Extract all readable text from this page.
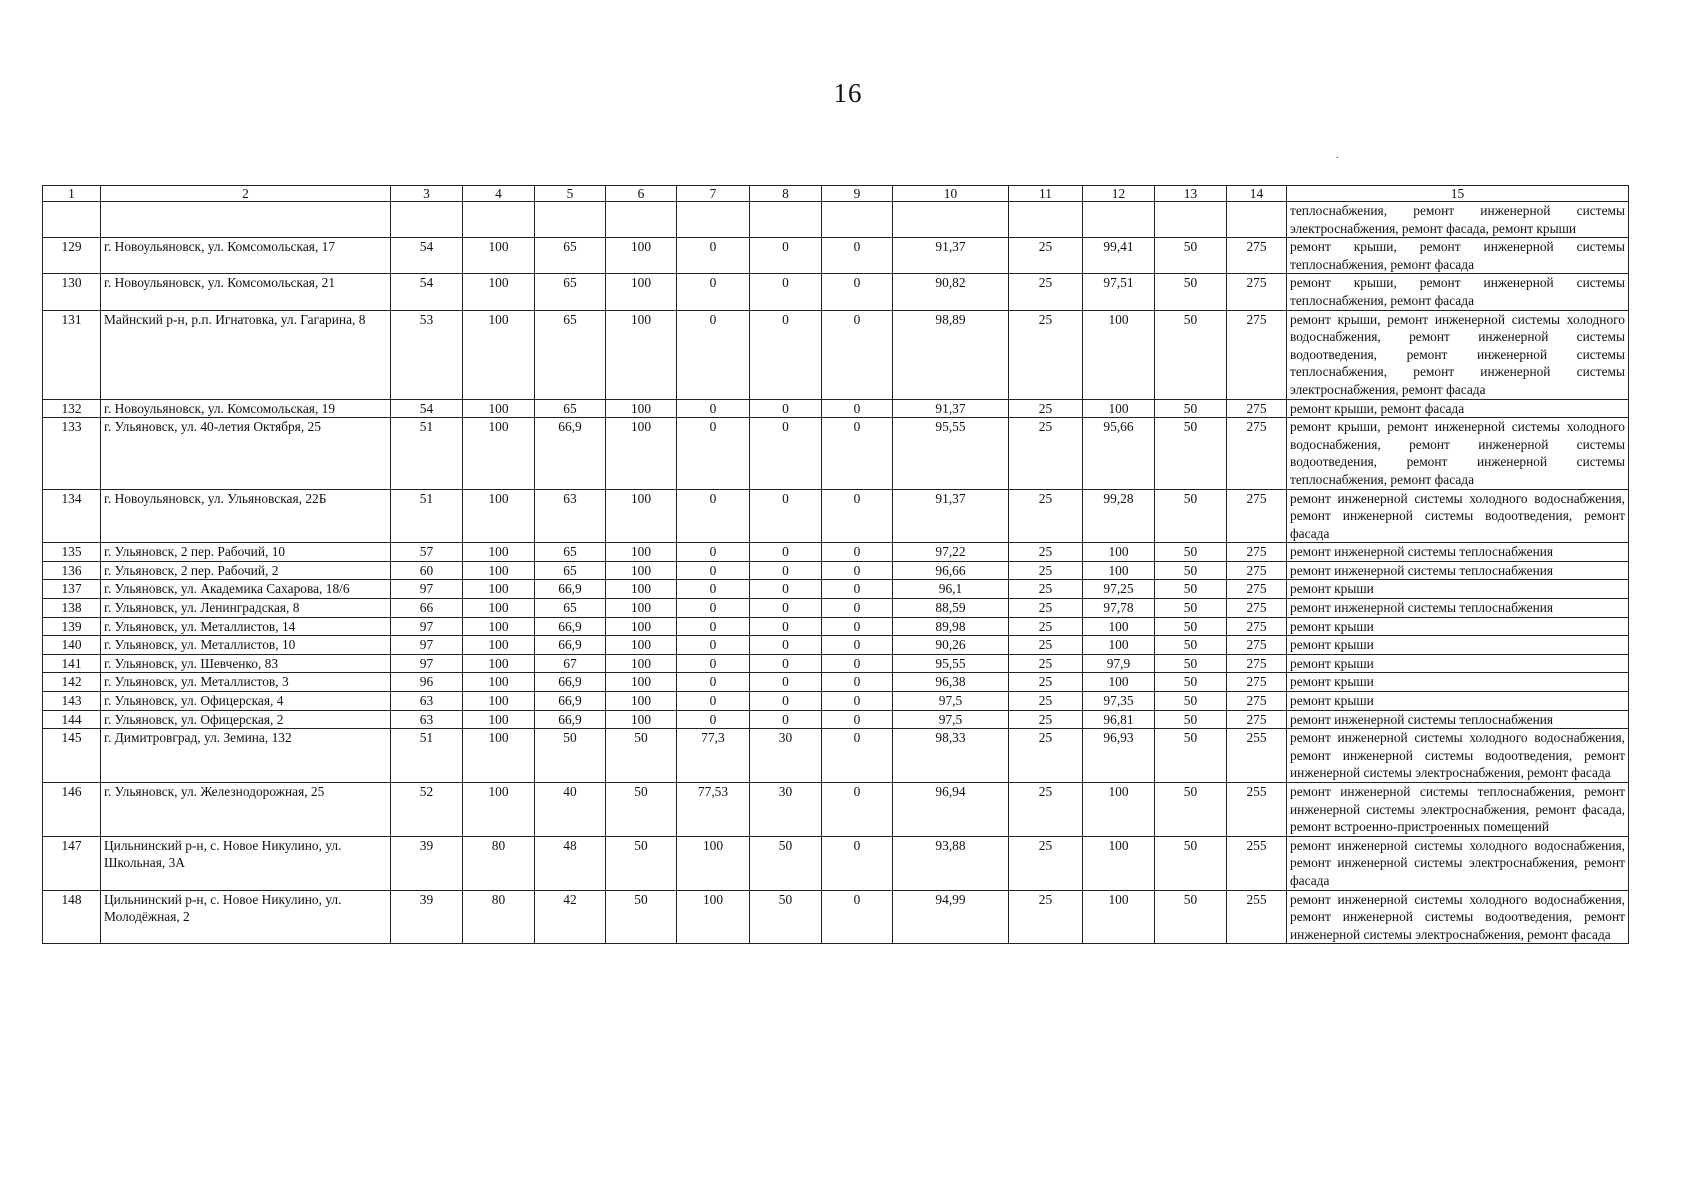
16
.
1	2	3	4	5	6	7	8	9	10	11	12	13	14	15
														теплоснабжения, ремонт инженерной системы электроснабжения, ремонт фасада, ремонт крыши
129	г. Новоульяновск, ул. Комсомольская, 17	54	100	65	100	0	0	0	91,37	25	99,41	50	275	ремонт крыши, ремонт инженерной системы теплоснабжения, ремонт фасада
130	г. Новоульяновск, ул. Комсомольская, 21	54	100	65	100	0	0	0	90,82	25	97,51	50	275	ремонт крыши, ремонт инженерной системы теплоснабжения, ремонт фасада
131	Майнский р-н, р.п. Игнатовка, ул. Гагарина, 8	53	100	65	100	0	0	0	98,89	25	100	50	275	ремонт крыши, ремонт инженерной системы холодного водоснабжения, ремонт инженерной системы водоотведения, ремонт инженерной системы теплоснабжения, ремонт инженерной системы электроснабжения, ремонт фасада
132	г. Новоульяновск, ул. Комсомольская, 19	54	100	65	100	0	0	0	91,37	25	100	50	275	ремонт крыши, ремонт фасада
133	г. Ульяновск, ул. 40-летия Октября, 25	51	100	66,9	100	0	0	0	95,55	25	95,66	50	275	ремонт крыши, ремонт инженерной системы холодного водоснабжения, ремонт инженерной системы водоотведения, ремонт инженерной системы теплоснабжения, ремонт фасада
134	г. Новоульяновск, ул. Ульяновская, 22Б	51	100	63	100	0	0	0	91,37	25	99,28	50	275	ремонт инженерной системы холодного водоснабжения, ремонт инженерной системы водоотведения, ремонт фасада
135	г. Ульяновск, 2 пер. Рабочий, 10	57	100	65	100	0	0	0	97,22	25	100	50	275	ремонт инженерной системы теплоснабжения
136	г. Ульяновск, 2 пер. Рабочий, 2	60	100	65	100	0	0	0	96,66	25	100	50	275	ремонт инженерной системы теплоснабжения
137	г. Ульяновск, ул. Академика Сахарова, 18/6	97	100	66,9	100	0	0	0	96,1	25	97,25	50	275	ремонт крыши
138	г. Ульяновск, ул. Ленинградская, 8	66	100	65	100	0	0	0	88,59	25	97,78	50	275	ремонт инженерной системы теплоснабжения
139	г. Ульяновск, ул. Металлистов, 14	97	100	66,9	100	0	0	0	89,98	25	100	50	275	ремонт крыши
140	г. Ульяновск, ул. Металлистов, 10	97	100	66,9	100	0	0	0	90,26	25	100	50	275	ремонт крыши
141	г. Ульяновск, ул. Шевченко, 83	97	100	67	100	0	0	0	95,55	25	97,9	50	275	ремонт крыши
142	г. Ульяновск, ул. Металлистов, 3	96	100	66,9	100	0	0	0	96,38	25	100	50	275	ремонт крыши
143	г. Ульяновск, ул. Офицерская, 4	63	100	66,9	100	0	0	0	97,5	25	97,35	50	275	ремонт крыши
144	г. Ульяновск, ул. Офицерская, 2	63	100	66,9	100	0	0	0	97,5	25	96,81	50	275	ремонт инженерной системы теплоснабжения
145	г. Димитровград, ул. Земина, 132	51	100	50	50	77,3	30	0	98,33	25	96,93	50	255	ремонт инженерной системы холодного водоснабжения, ремонт инженерной системы водоотведения, ремонт инженерной системы электроснабжения, ремонт фасада
146	г. Ульяновск, ул. Железнодорожная, 25	52	100	40	50	77,53	30	0	96,94	25	100	50	255	ремонт инженерной системы теплоснабжения, ремонт инженерной системы электроснабжения, ремонт фасада, ремонт встроенно-пристроенных помещений
147	Цильнинский р-н, с. Новое Никулино, ул. Школьная, 3А	39	80	48	50	100	50	0	93,88	25	100	50	255	ремонт инженерной системы холодного водоснабжения, ремонт инженерной системы электроснабжения, ремонт фасада
148	Цильнинский р-н, с. Новое Никулино, ул. Молодёжная, 2	39	80	42	50	100	50	0	94,99	25	100	50	255	ремонт инженерной системы холодного водоснабжения, ремонт инженерной системы водоотведения, ремонт инженерной системы электроснабжения, ремонт фасада
